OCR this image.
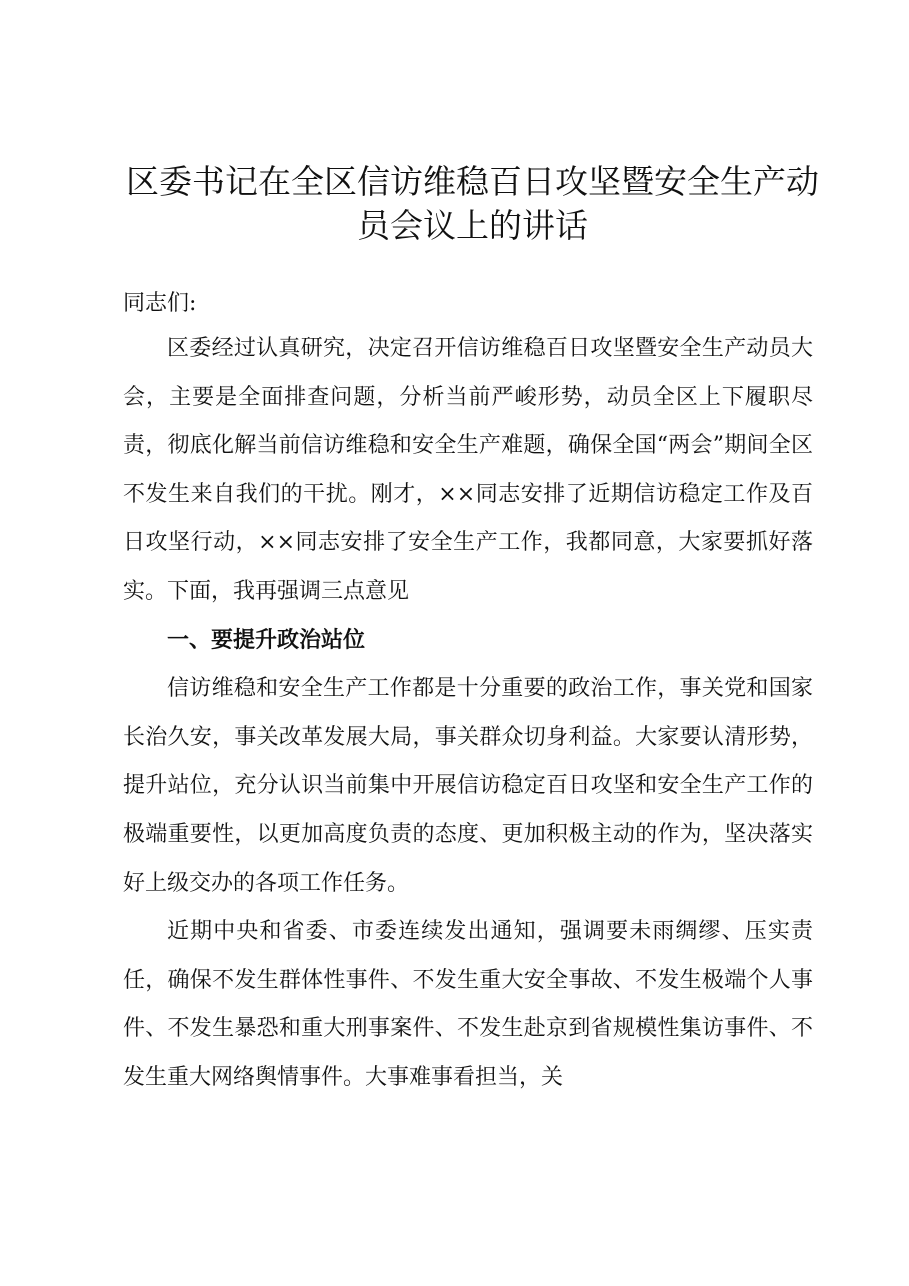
区委书记在全区信访维稳百日攻坚暨安全生产动
员会议上的讲话

同志们:

区委经过认真研究，决定召开信访维稳百日攻坚暨安全生产动员大会，主要是全面排查问题，分析当前严峻形势，动员全区上下履职尽责，彻底化解当前信访维稳和安全生产难题，确保全国“两会”期间全区不发生来自我们的干扰。刚才，××同志安排了近期信访稳定工作及百日攻坚行动，××同志安排了安全生产工作，我都同意，大家要抓好落实。下面，我再强调三点意见

一、要提升政治站位

信访维稳和安全生产工作都是十分重要的政治工作，事关党和国家长治久安，事关改革发展大局，事关群众切身利益。大家要认清形势，提升站位，充分认识当前集中开展信访稳定百日攻坚和安全生产工作的极端重要性，以更加高度负责的态度、更加积极主动的作为，坚决落实好上级交办的各项工作任务。

近期中央和省委、市委连续发出通知，强调要未雨绸缪、压实责任，确保不发生群体性事件、不发生重大安全事故、不发生极端个人事件、不发生暴恐和重大刑事案件、不发生赴京到省规模性集访事件、不发生重大网络舆情事件。大事难事看担当，关
